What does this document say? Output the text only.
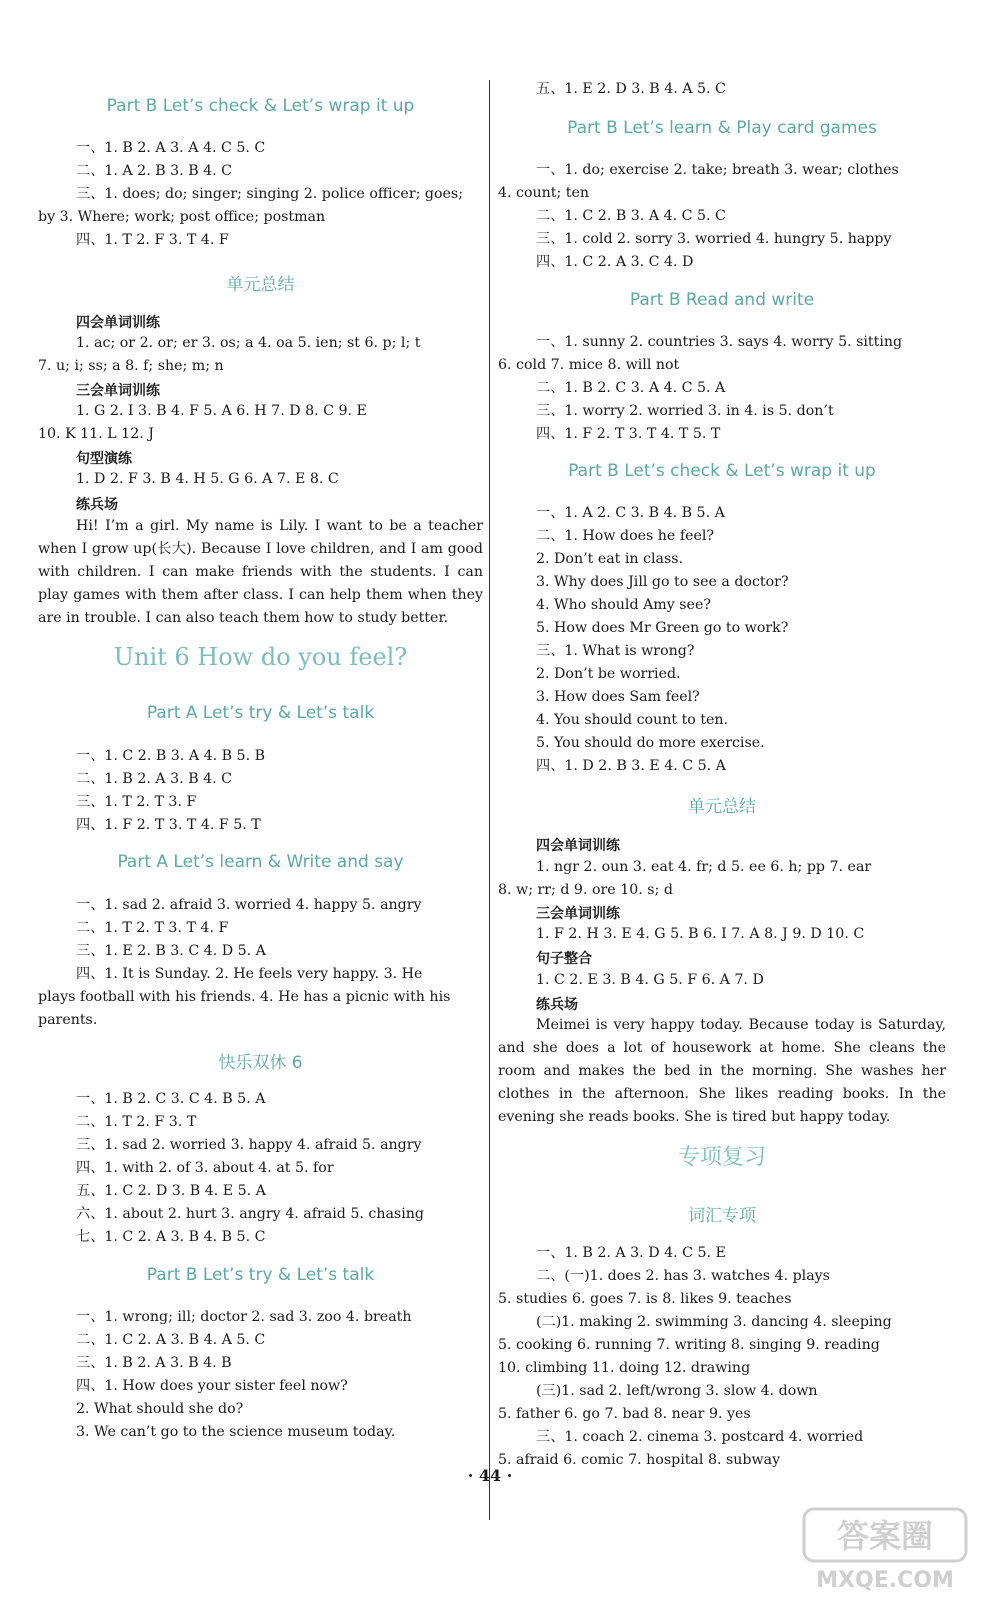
Part B Let’s check & Let’s wrap it up
一、1. B 2. A 3. A 4. C 5. C
二、1. A 2. B 3. B 4. C
三、1. does; do; singer; singing 2. police officer; goes;
by 3. Where; work; post office; postman
四、1. T 2. F 3. T 4. F
单元总结
四会单词训练
1. ac; or 2. or; er 3. os; a 4. oa 5. ien; st 6. p; l; t
7. u; i; ss; a 8. f; she; m; n
三会单词训练
1. G 2. I 3. B 4. F 5. A 6. H 7. D 8. C 9. E
10. K 11. L 12. J
句型演练
1. D 2. F 3. B 4. H 5. G 6. A 7. E 8. C
练兵场
Hi! I’m a girl. My name is Lily. I want to be a teacher when I grow up(长大). Because I love children, and I am good with children. I can make friends with the students. I can play games with them after class. I can help them when they are in trouble. I can also teach them how to study better.
Unit 6 How do you feel?
Part A Let’s try & Let’s talk
一、1. C 2. B 3. A 4. B 5. B
二、1. B 2. A 3. B 4. C
三、1. T 2. T 3. F
四、1. F 2. T 3. T 4. F 5. T
Part A Let’s learn & Write and say
一、1. sad 2. afraid 3. worried 4. happy 5. angry
二、1. T 2. T 3. T 4. F
三、1. E 2. B 3. C 4. D 5. A
四、1. It is Sunday. 2. He feels very happy. 3. He
plays football with his friends. 4. He has a picnic with his
parents.
快乐双休 6
一、1. B 2. C 3. C 4. B 5. A
二、1. T 2. F 3. T
三、1. sad 2. worried 3. happy 4. afraid 5. angry
四、1. with 2. of 3. about 4. at 5. for
五、1. C 2. D 3. B 4. E 5. A
六、1. about 2. hurt 3. angry 4. afraid 5. chasing
七、1. C 2. A 3. B 4. B 5. C
Part B Let’s try & Let’s talk
一、1. wrong; ill; doctor 2. sad 3. zoo 4. breath
二、1. C 2. A 3. B 4. A 5. C
三、1. B 2. A 3. B 4. B
四、1. How does your sister feel now?
2. What should she do?
3. We can’t go to the science museum today.
五、1. E 2. D 3. B 4. A 5. C
Part B Let’s learn & Play card games
一、1. do; exercise 2. take; breath 3. wear; clothes
4. count; ten
二、1. C 2. B 3. A 4. C 5. C
三、1. cold 2. sorry 3. worried 4. hungry 5. happy
四、1. C 2. A 3. C 4. D
Part B Read and write
一、1. sunny 2. countries 3. says 4. worry 5. sitting
6. cold 7. mice 8. will not
二、1. B 2. C 3. A 4. C 5. A
三、1. worry 2. worried 3. in 4. is 5. don’t
四、1. F 2. T 3. T 4. T 5. T
Part B Let’s check & Let’s wrap it up
一、1. A 2. C 3. B 4. B 5. A
二、1. How does he feel?
2. Don’t eat in class.
3. Why does Jill go to see a doctor?
4. Who should Amy see?
5. How does Mr Green go to work?
三、1. What is wrong?
2. Don’t be worried.
3. How does Sam feel?
4. You should count to ten.
5. You should do more exercise.
四、1. D 2. B 3. E 4. C 5. A
单元总结
四会单词训练
1. ngr 2. oun 3. eat 4. fr; d 5. ee 6. h; pp 7. ear
8. w; rr; d 9. ore 10. s; d
三会单词训练
1. F 2. H 3. E 4. G 5. B 6. I 7. A 8. J 9. D 10. C
句子整合
1. C 2. E 3. B 4. G 5. F 6. A 7. D
练兵场
Meimei is very happy today. Because today is Saturday, and she does a lot of housework at home. She cleans the room and makes the bed in the morning. She washes her clothes in the afternoon. She likes reading books. In the evening she reads books. She is tired but happy today.
专项复习
词汇专项
一、1. B 2. A 3. D 4. C 5. E
二、(一)1. does 2. has 3. watches 4. plays
5. studies 6. goes 7. is 8. likes 9. teaches
(二)1. making 2. swimming 3. dancing 4. sleeping
5. cooking 6. running 7. writing 8. singing 9. reading
10. climbing 11. doing 12. drawing
(三)1. sad 2. left/wrong 3. slow 4. down
5. father 6. go 7. bad 8. near 9. yes
三、1. coach 2. cinema 3. postcard 4. worried
5. afraid 6. comic 7. hospital 8. subway
· 44 ·
答案圈
MXQE.COM
